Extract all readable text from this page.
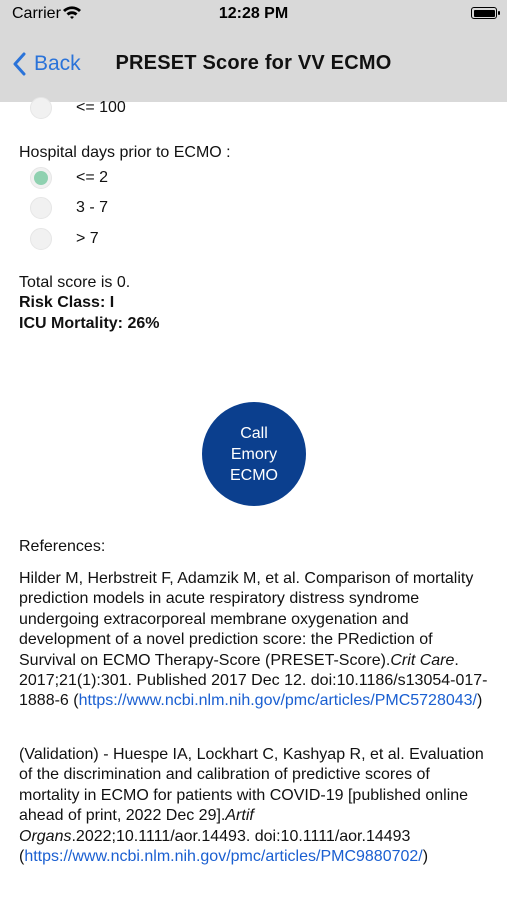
Carrier	12:28 PM
Back	PRESET Score for VV ECMO
<= 100
Hospital days prior to ECMO :
<= 2
3 - 7
> 7
Total score is 0.
Risk Class: I
ICU Mortality: 26%
Call
Emory
ECMO
References:
Hilder M, Herbstreit F, Adamzik M, et al. Comparison of mortality prediction models in acute respiratory distress syndrome undergoing extracorporeal membrane oxygenation and development of a novel prediction score: the PRediction of Survival on ECMO Therapy-Score (PRESET-Score).Crit Care. 2017;21(1):301. Published 2017 Dec 12. doi:10.1186/s13054-017-1888-6 (https://www.ncbi.nlm.nih.gov/pmc/articles/PMC5728043/)
(Validation) - Huespe IA, Lockhart C, Kashyap R, et al. Evaluation of the discrimination and calibration of predictive scores of mortality in ECMO for patients with COVID-19 [published online ahead of print, 2022 Dec 29].Artif Organs.2022;10.1111/aor.14493. doi:10.1111/aor.14493 (https://www.ncbi.nlm.nih.gov/pmc/articles/PMC9880702/)
